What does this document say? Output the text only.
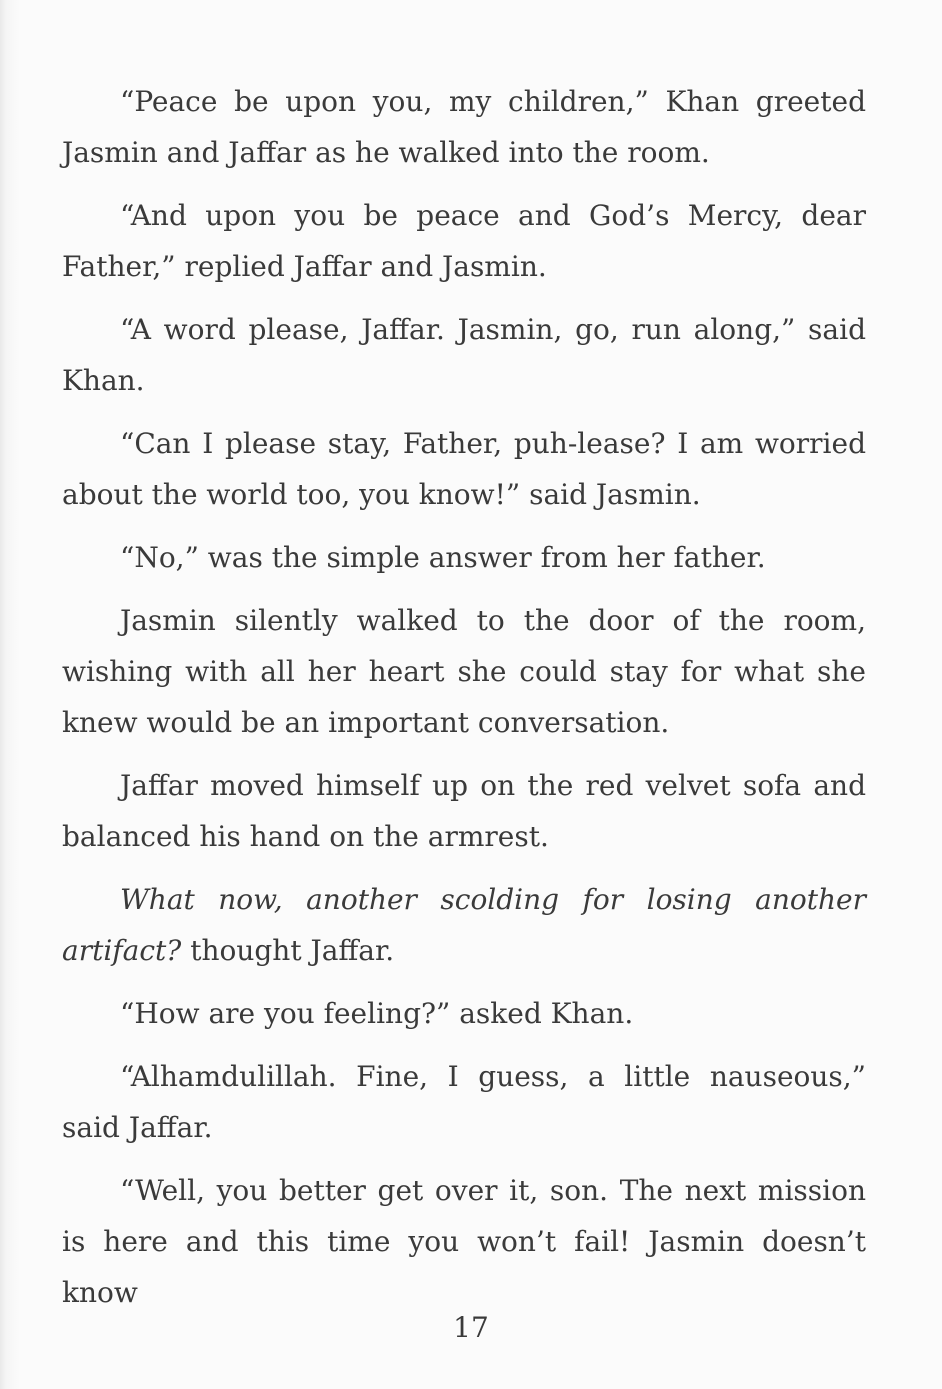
“Peace be upon you, my children,” Khan greeted Jasmin and Jaffar as he walked into the room.

“And upon you be peace and God’s Mercy, dear Father,” replied Jaffar and Jasmin.

“A word please, Jaffar. Jasmin, go, run along,” said Khan.

“Can I please stay, Father, puh-lease? I am worried about the world too, you know!” said Jasmin.

“No,” was the simple answer from her father.

Jasmin silently walked to the door of the room, wishing with all her heart she could stay for what she knew would be an important conversation.

Jaffar moved himself up on the red velvet sofa and balanced his hand on the armrest.

What now, another scolding for losing another artifact? thought Jaffar.

“How are you feeling?” asked Khan.

“Alhamdulillah. Fine, I guess, a little nauseous,” said Jaffar.

“Well, you better get over it, son. The next mission is here and this time you won’t fail! Jasmin doesn’t know

17
